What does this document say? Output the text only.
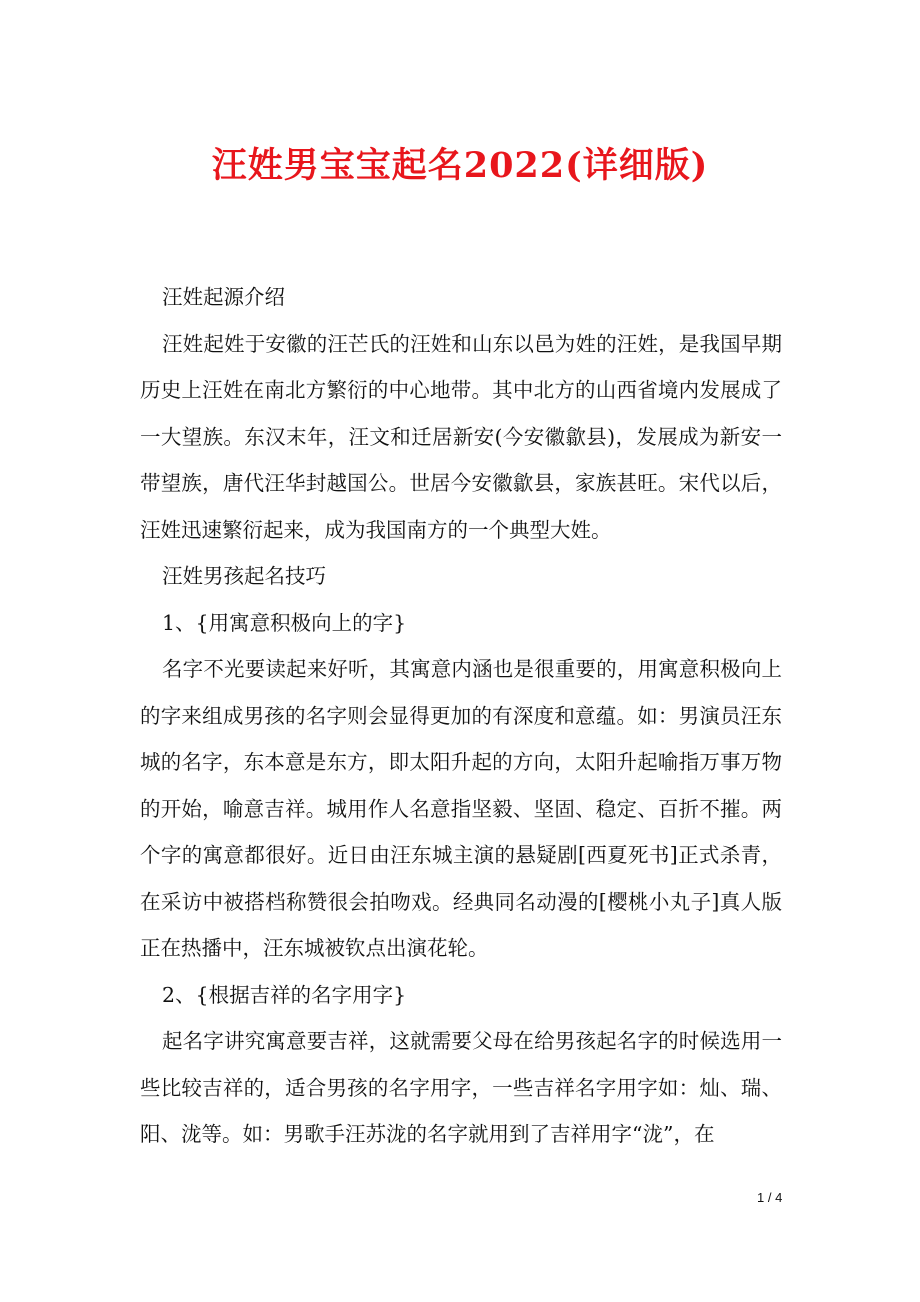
汪姓男宝宝起名2022(详细版)

汪姓起源介绍

汪姓起姓于安徽的汪芒氏的汪姓和山东以邑为姓的汪姓，是我国早期历史上汪姓在南北方繁衍的中心地带。其中北方的山西省境内发展成了一大望族。东汉末年，汪文和迁居新安(今安徽歙县)，发展成为新安一带望族，唐代汪华封越国公。世居今安徽歙县，家族甚旺。宋代以后，汪姓迅速繁衍起来，成为我国南方的一个典型大姓。

汪姓男孩起名技巧

1、{用寓意积极向上的字}

名字不光要读起来好听，其寓意内涵也是很重要的，用寓意积极向上的字来组成男孩的名字则会显得更加的有深度和意蕴。如：男演员汪东城的名字，东本意是东方，即太阳升起的方向，太阳升起喻指万事万物的开始，喻意吉祥。城用作人名意指坚毅、坚固、稳定、百折不摧。两个字的寓意都很好。近日由汪东城主演的悬疑剧[西夏死书]正式杀青，在采访中被搭档称赞很会拍吻戏。经典同名动漫的[樱桃小丸子]真人版正在热播中，汪东城被钦点出演花轮。

2、{根据吉祥的名字用字}

起名字讲究寓意要吉祥，这就需要父母在给男孩起名字的时候选用一些比较吉祥的，适合男孩的名字用字，一些吉祥名字用字如：灿、瑞、阳、泷等。如：男歌手汪苏泷的名字就用到了吉祥用字“泷”，在

1 / 4
